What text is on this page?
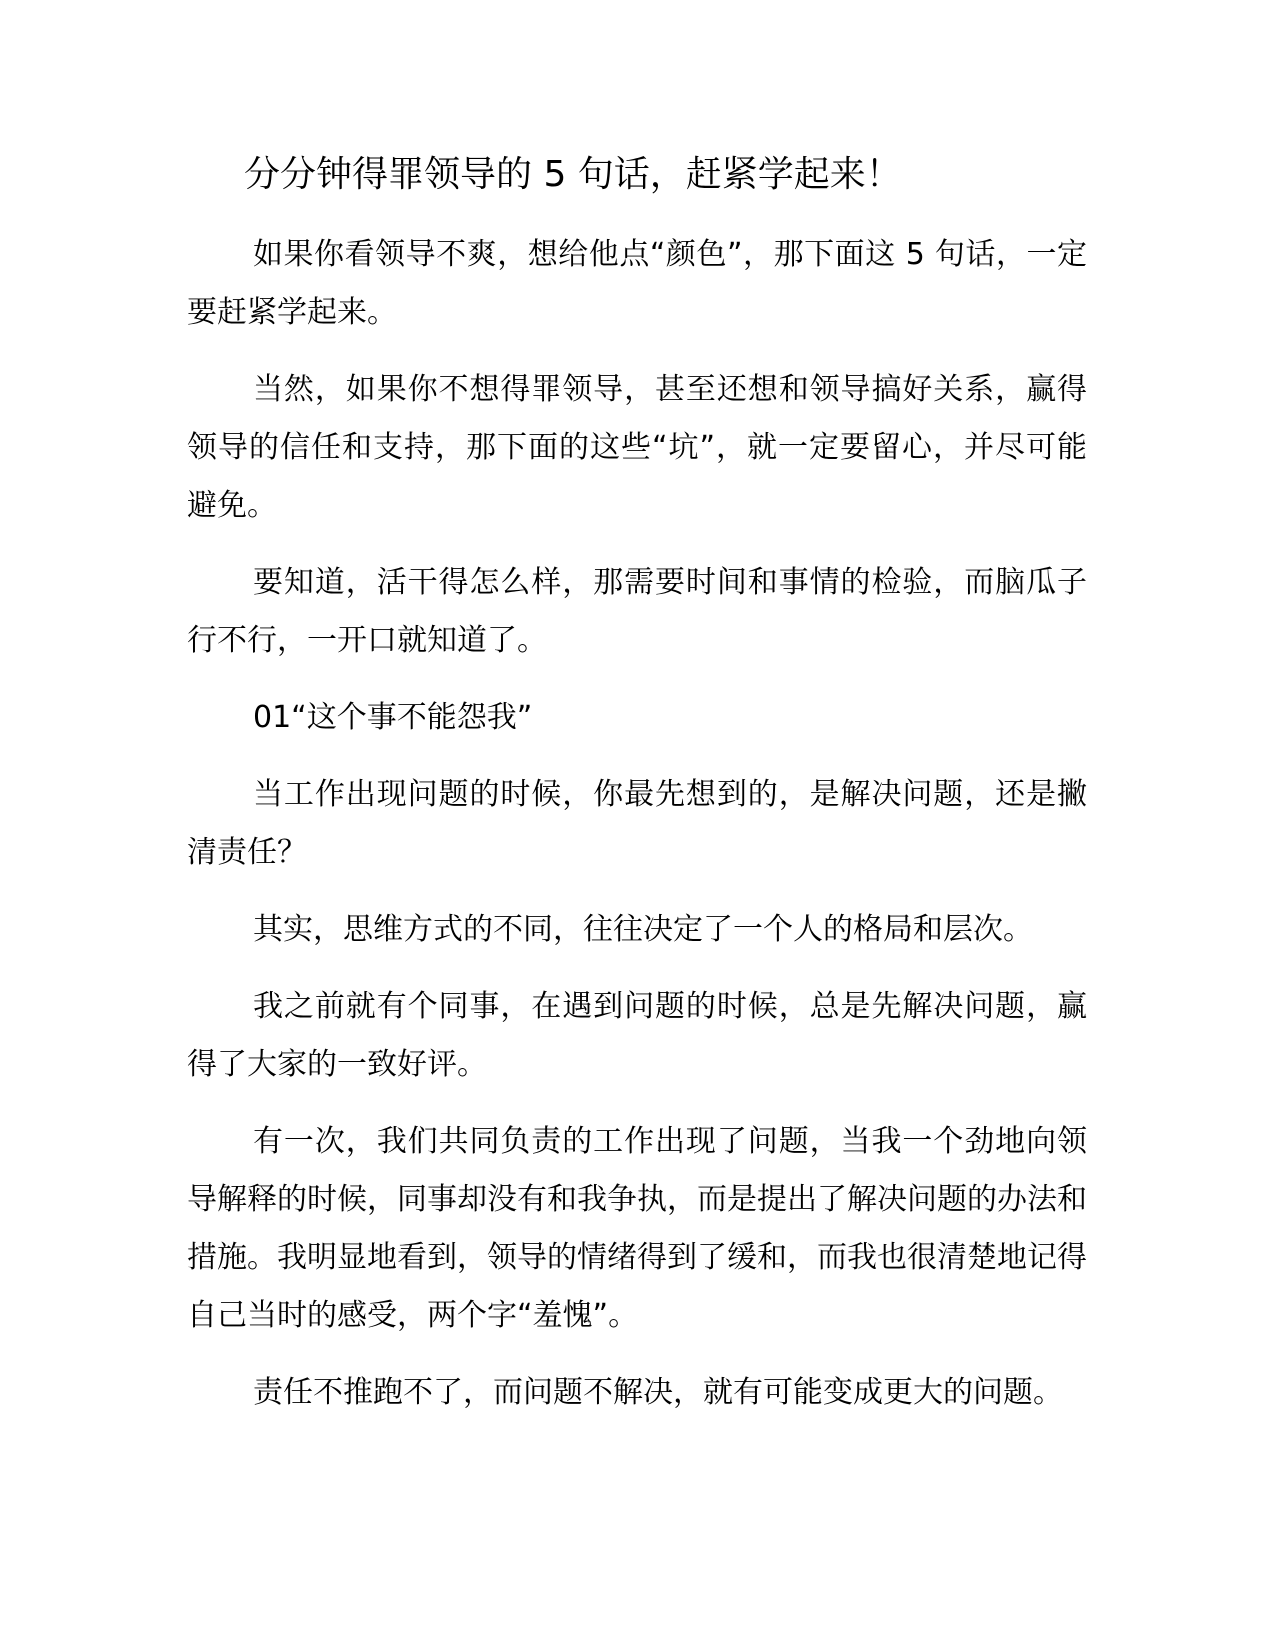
分分钟得罪领导的 5 句话，赶紧学起来！

如果你看领导不爽，想给他点“颜色”，那下面这 5 句话，一定要赶紧学起来。

当然，如果你不想得罪领导，甚至还想和领导搞好关系，赢得领导的信任和支持，那下面的这些“坑”，就一定要留心，并尽可能避免。

要知道，活干得怎么样，那需要时间和事情的检验，而脑瓜子行不行，一开口就知道了。

01“这个事不能怨我”

当工作出现问题的时候，你最先想到的，是解决问题，还是撇清责任？

其实，思维方式的不同，往往决定了一个人的格局和层次。

我之前就有个同事，在遇到问题的时候，总是先解决问题，赢得了大家的一致好评。

有一次，我们共同负责的工作出现了问题，当我一个劲地向领导解释的时候，同事却没有和我争执，而是提出了解决问题的办法和措施。我明显地看到，领导的情绪得到了缓和，而我也很清楚地记得自己当时的感受，两个字“羞愧”。

责任不推跑不了，而问题不解决，就有可能变成更大的问题。
